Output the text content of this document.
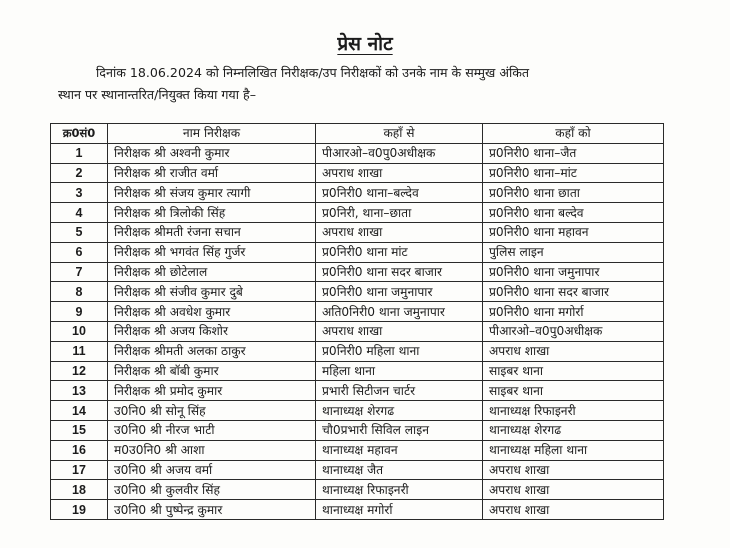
प्रेस नोट
दिनांक 18.06.2024 को निम्नलिखित निरीक्षक/उप निरीक्षकों को उनके नाम के सम्मुख अंकित
स्थान पर स्थानान्तरित/नियुक्त किया गया है–
क्र0सं0	नाम निरीक्षक	कहाँ से	कहाँ को
1	निरीक्षक श्री अश्वनी कुमार	पीआरओ–व0पु0अधीक्षक	प्र0निरी0 थाना–जैत
2	निरीक्षक श्री राजीत वर्मा	अपराध शाखा	प्र0निरी0 थाना–मांट
3	निरीक्षक श्री संजय कुमार त्यागी	प्र0निरी0 थाना–बल्देव	प्र0निरी0 थाना छाता
4	निरीक्षक श्री त्रिलोकी सिंह	प्र0निरी, थाना–छाता	प्र0निरी0 थाना बल्देव
5	निरीक्षक श्रीमती रंजना सचान	अपराध शाखा	प्र0निरी0 थाना महावन
6	निरीक्षक श्री भगवंत सिंह गुर्जर	प्र0निरी0 थाना मांट	पुलिस लाइन
7	निरीक्षक श्री छोटेलाल	प्र0निरी0 थाना सदर बाजार	प्र0निरी0 थाना जमुनापार
8	निरीक्षक श्री संजीव कुमार दुबे	प्र0निरी0 थाना जमुनापार	प्र0निरी0 थाना सदर बाजार
9	निरीक्षक श्री अवधेश कुमार	अति0निरी0 थाना जमुनापार	प्र0निरी0 थाना मगोर्रा
10	निरीक्षक श्री अजय किशोर	अपराध शाखा	पीआरओ–व0पु0अधीक्षक
11	निरीक्षक श्रीमती अलका ठाकुर	प्र0निरी0 महिला थाना	अपराध शाखा
12	निरीक्षक श्री बॉबी कुमार	महिला थाना	साइबर थाना
13	निरीक्षक श्री प्रमोद कुमार	प्रभारी सिटीजन चार्टर	साइबर थाना
14	उ0नि0 श्री सोनू सिंह	थानाध्यक्ष शेरगढ	थानाध्यक्ष रिफाइनरी
15	उ0नि0 श्री नीरज भाटी	चौ0प्रभारी सिविल लाइन	थानाध्यक्ष शेरगढ
16	म0उ0नि0 श्री आशा	थानाध्यक्ष महावन	थानाध्यक्ष महिला थाना
17	उ0नि0 श्री अजय वर्मा	थानाध्यक्ष जैत	अपराध शाखा
18	उ0नि0 श्री कुलवीर सिंह	थानाध्यक्ष रिफाइनरी	अपराध शाखा
19	उ0नि0 श्री पुष्पेन्द्र कुमार	थानाध्यक्ष मगोर्रा	अपराध शाखा
